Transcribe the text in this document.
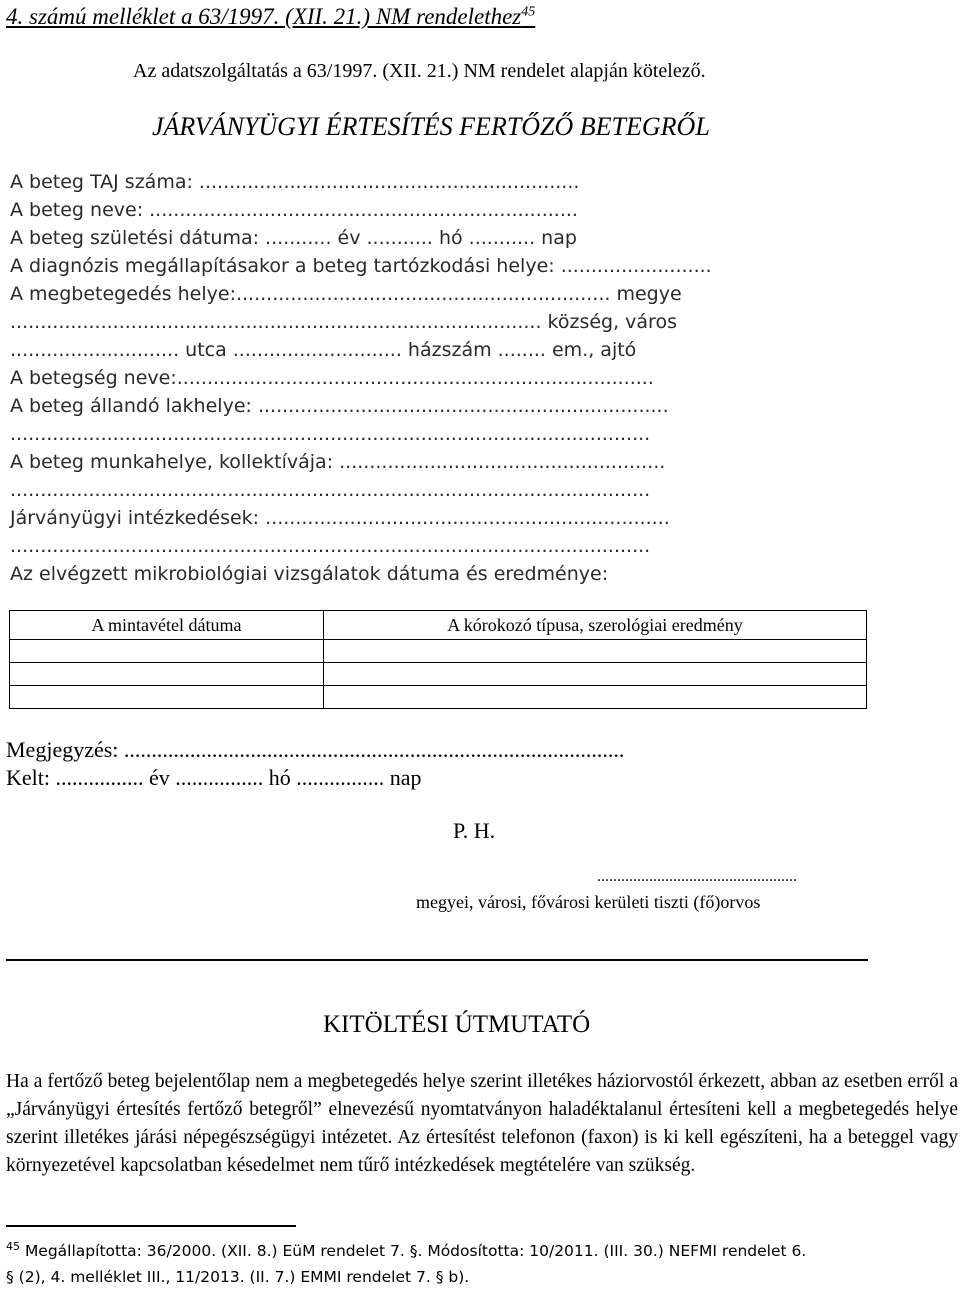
4. számú melléklet a 63/1997. (XII. 21.) NM rendelethez$^{45}$
Az adatszolgáltatás a 63/1997. (XII. 21.) NM rendelet alapján kötelező.
JÁRVÁNYÜGYI ÉRTESÍTÉS FERTŐZŐ BETEGRŐL
A beteg TAJ száma: ...............................................................
A beteg neve: .......................................................................
A beteg születési dátuma: ........... év ........... hó ........... nap
A diagnózis megállapításakor a beteg tartózkodási helye: .........................
A megbetegedés helye:.............................................................. megye
........................................................................................ község, város
............................ utca ............................ házszám ........ em., ajtó
A betegség neve:...............................................................................
A beteg állandó lakhelye: ....................................................................
..........................................................................................................
A beteg munkahelye, kollektívája: ......................................................
..........................................................................................................
Járványügyi intézkedések: ...................................................................
..........................................................................................................
Az elvégzett mikrobiológiai vizsgálatok dátuma és eredménye:
A mintavétel dátuma	A kórokozó típusa, szerológiai eredmény

Megjegyzés: ...........................................................................................
Kelt: ................ év ................ hó ................ nap
P. H.
..................................................
megyei, városi, fővárosi kerületi tiszti (fő)orvos
KITÖLTÉSI ÚTMUTATÓ
Ha a fertőző beteg bejelentőlap nem a megbetegedés helye szerint illetékes háziorvostól érkezett, abban az esetben erről a „Járványügyi értesítés fertőző betegről” elnevezésű nyomtatványon haladéktalanul értesíteni kell a megbetegedés helye szerint illetékes járási népegészségügyi intézetet. Az értesítést telefonon (faxon) is ki kell egészíteni, ha a beteggel vagy környezetével kapcsolatban késedelmet nem tűrő intézkedések megtételére van szükség.
$^{45}$ Megállapította: 36/2000. (XII. 8.) EüM rendelet 7. §. Módosította: 10/2011. (III. 30.) NEFMI rendelet 6.
§ (2), 4. melléklet III., 11/2013. (II. 7.) EMMI rendelet 7. § b).
